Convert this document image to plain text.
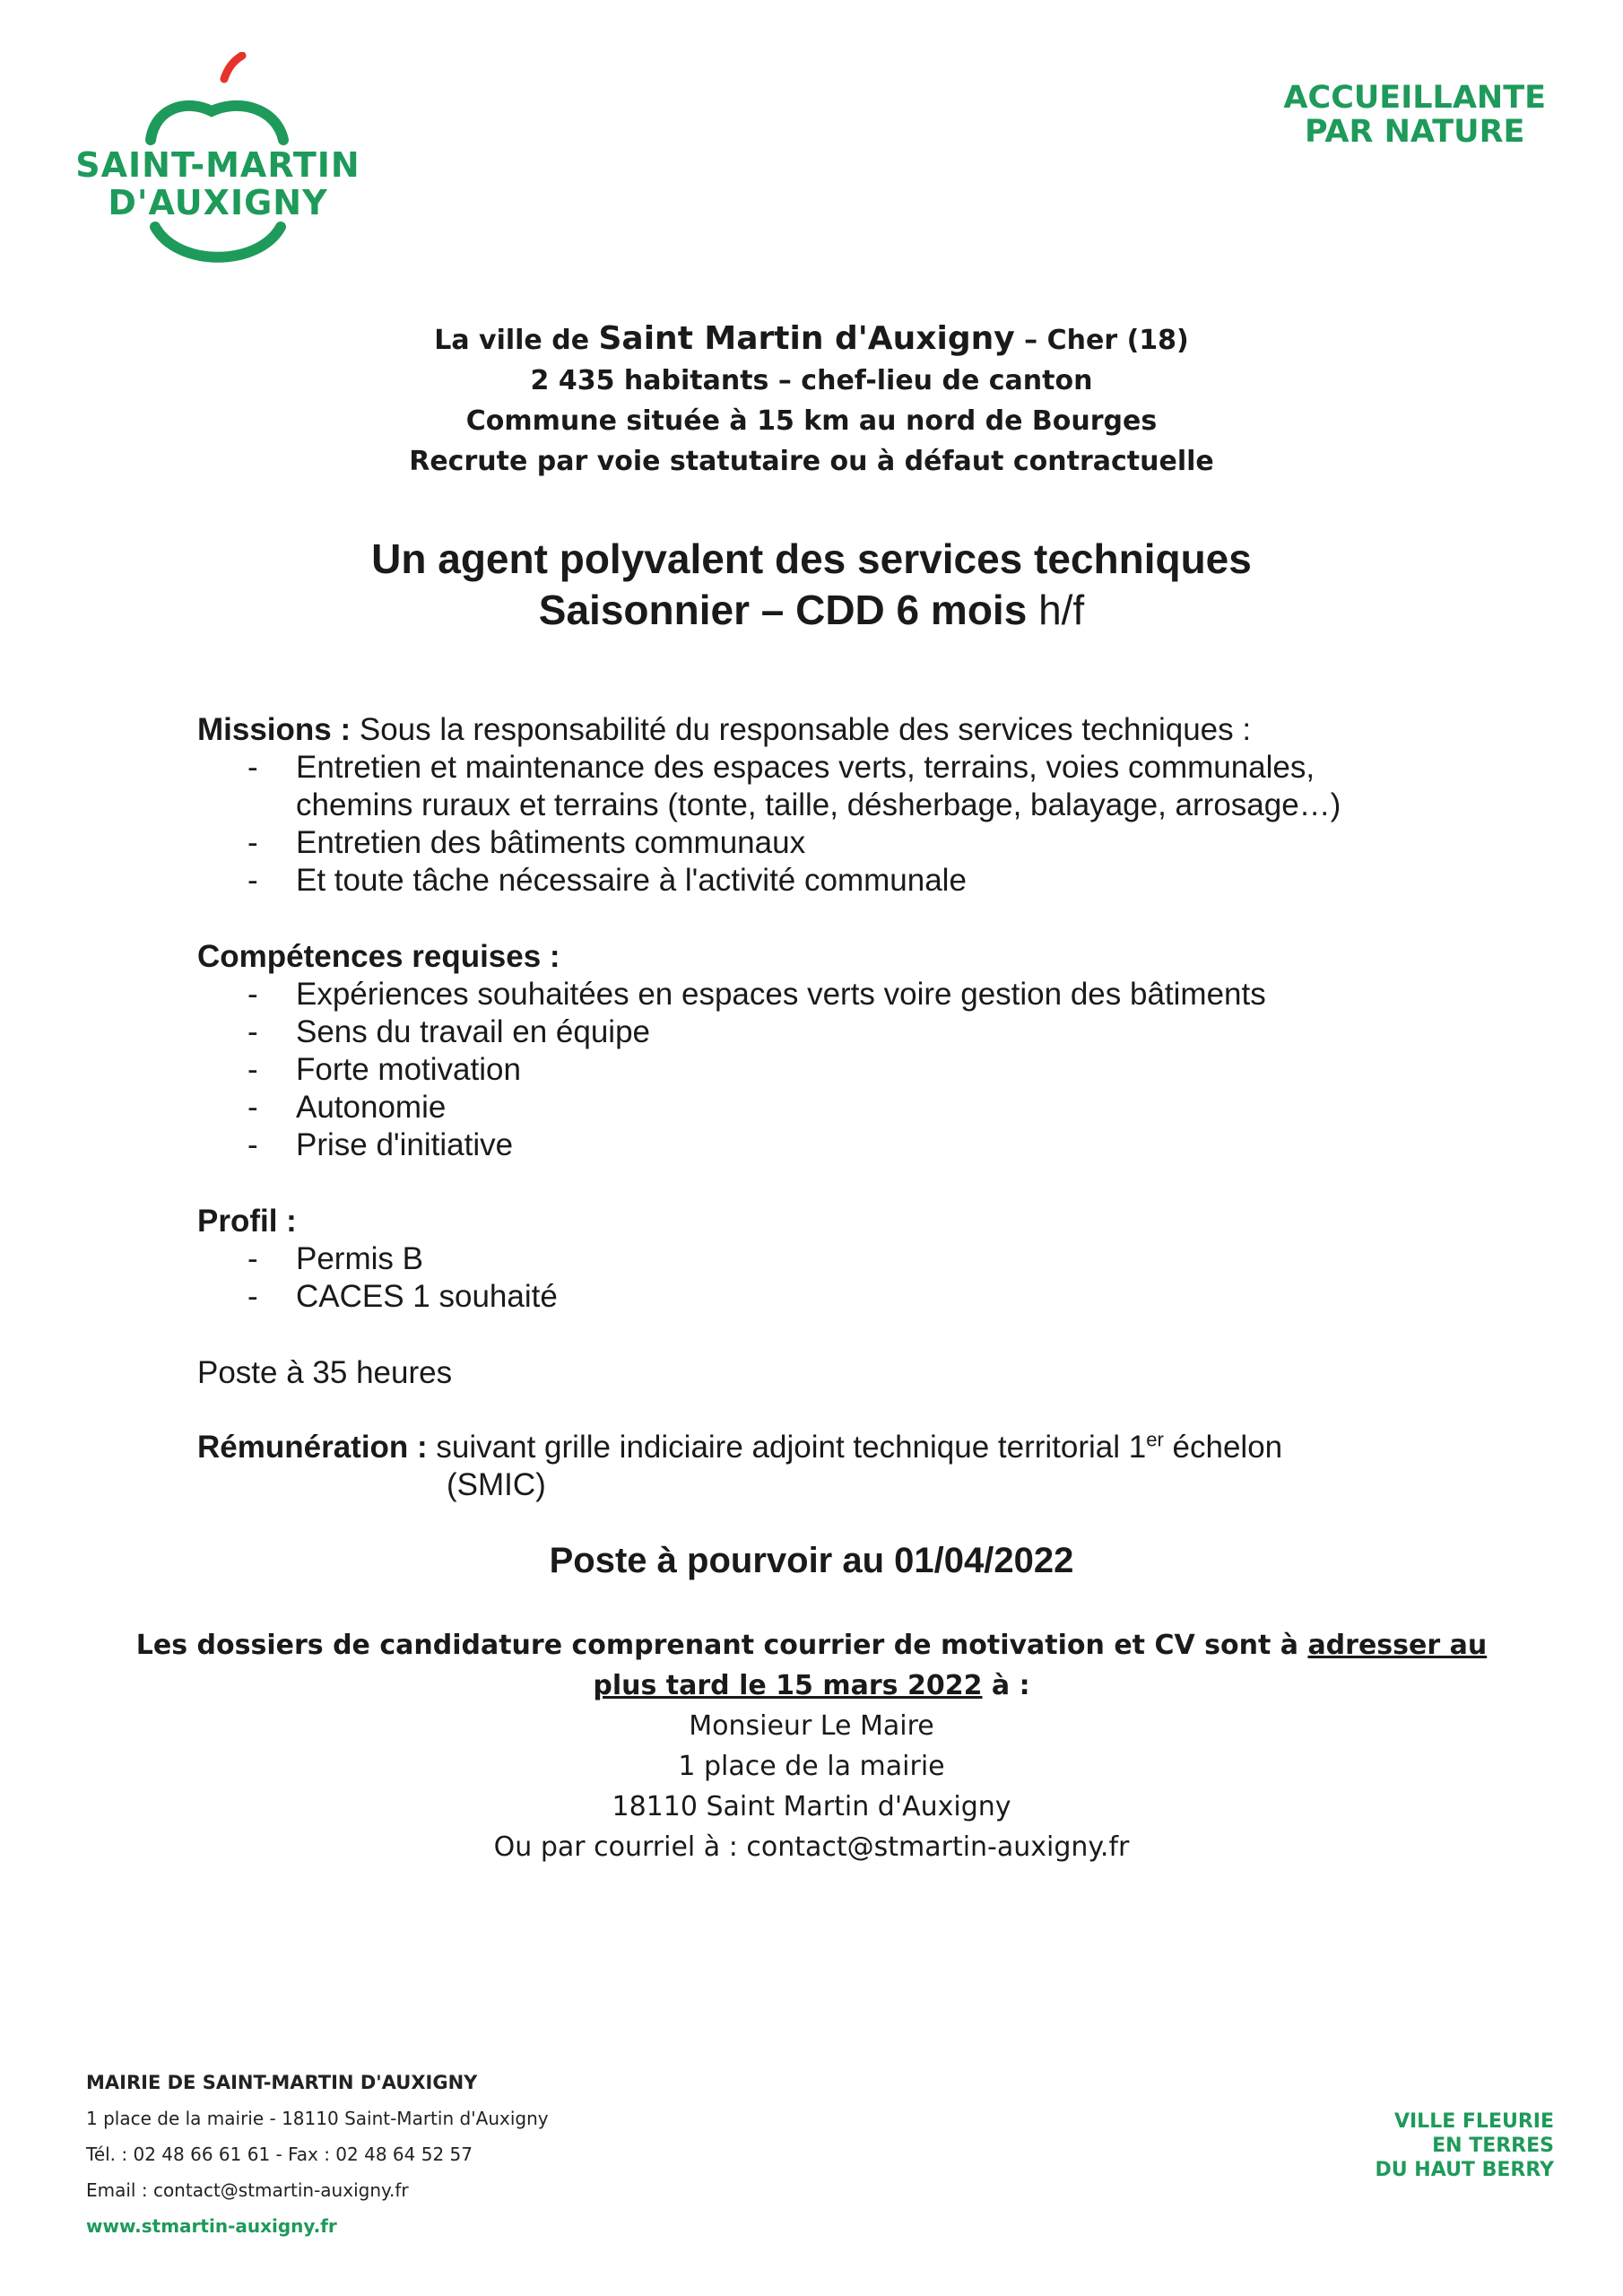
SAINT-MARTIN
D'AUXIGNY
ACCUEILLANTE
PAR NATURE
La ville de Saint Martin d'Auxigny – Cher (18)
2 435 habitants – chef-lieu de canton
Commune située à 15 km au nord de Bourges
Recrute par voie statutaire ou à défaut contractuelle
Un agent polyvalent des services techniques
Saisonnier – CDD 6 mois h/f
Missions : Sous la responsabilité du responsable des services techniques :
- Entretien et maintenance des espaces verts, terrains, voies communales, chemins ruraux et terrains (tonte, taille, désherbage, balayage, arrosage…)
- Entretien des bâtiments communaux
- Et toute tâche nécessaire à l'activité communale
Compétences requises :
- Expériences souhaitées en espaces verts voire gestion des bâtiments
- Sens du travail en équipe
- Forte motivation
- Autonomie
- Prise d'initiative
Profil :
- Permis B
- CACES 1 souhaité
Poste à 35 heures
Rémunération : suivant grille indiciaire adjoint technique territorial 1er échelon
(SMIC)
Poste à pourvoir au 01/04/2022
Les dossiers de candidature comprenant courrier de motivation et CV sont à adresser au
plus tard le 15 mars 2022 à :
Monsieur Le Maire
1 place de la mairie
18110 Saint Martin d'Auxigny
Ou par courriel à : contact@stmartin-auxigny.fr
MAIRIE DE SAINT-MARTIN D'AUXIGNY
1 place de la mairie - 18110 Saint-Martin d'Auxigny
Tél. : 02 48 66 61 61 - Fax : 02 48 64 52 57
Email : contact@stmartin-auxigny.fr
www.stmartin-auxigny.fr
VILLE FLEURIE
EN TERRES
DU HAUT BERRY
